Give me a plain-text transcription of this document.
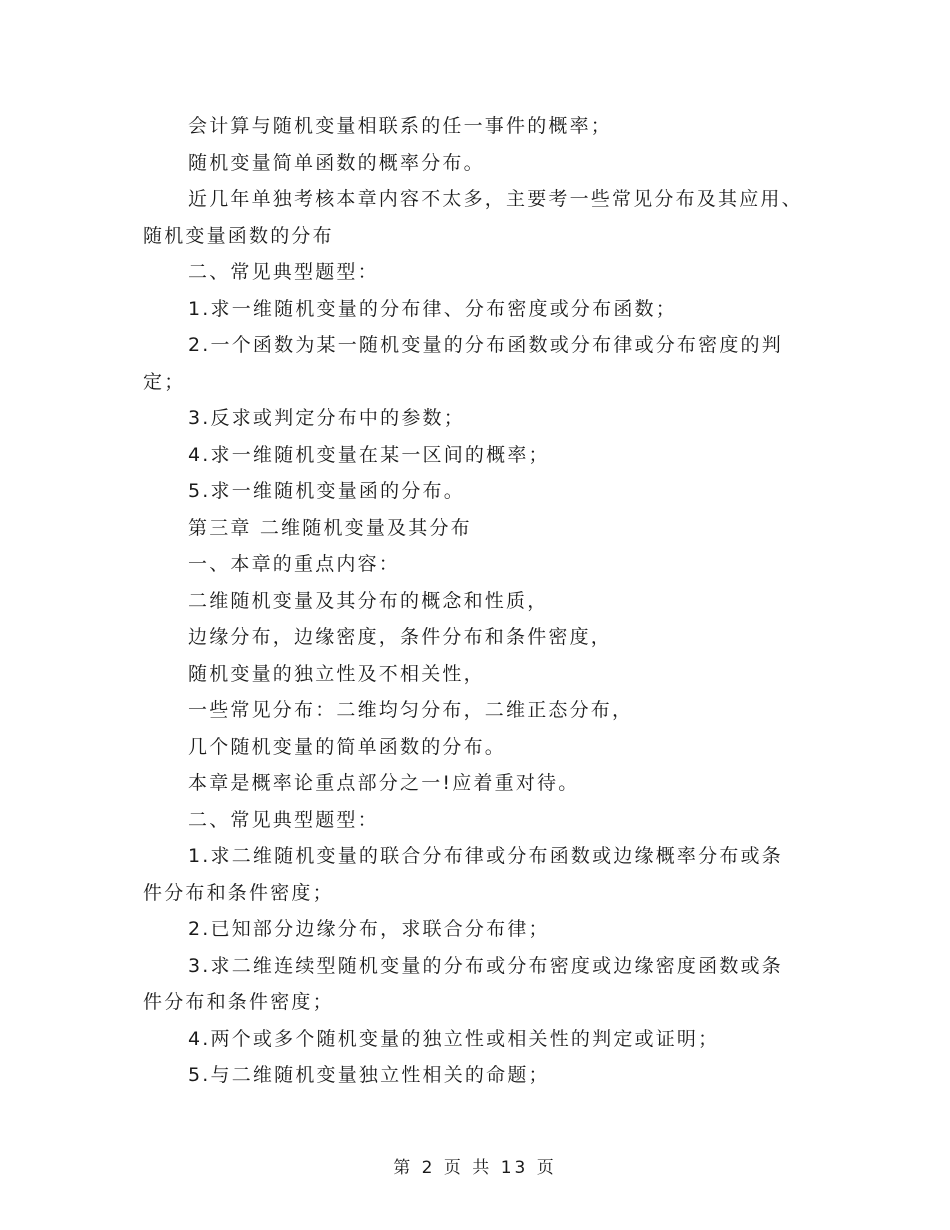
会计算与随机变量相联系的任一事件的概率；

随机变量简单函数的概率分布。

近几年单独考核本章内容不太多，主要考一些常见分布及其应用、

随机变量函数的分布

二、常见典型题型：

1.求一维随机变量的分布律、分布密度或分布函数；

2.一个函数为某一随机变量的分布函数或分布律或分布密度的判

定；

3.反求或判定分布中的参数；

4.求一维随机变量在某一区间的概率；

5.求一维随机变量函的分布。

第三章 二维随机变量及其分布

一、本章的重点内容：

二维随机变量及其分布的概念和性质，

边缘分布，边缘密度，条件分布和条件密度，

随机变量的独立性及不相关性，

一些常见分布：二维均匀分布，二维正态分布，

几个随机变量的简单函数的分布。

本章是概率论重点部分之一!应着重对待。

二、常见典型题型：

1.求二维随机变量的联合分布律或分布函数或边缘概率分布或条

件分布和条件密度；

2.已知部分边缘分布，求联合分布律；

3.求二维连续型随机变量的分布或分布密度或边缘密度函数或条

件分布和条件密度；

4.两个或多个随机变量的独立性或相关性的判定或证明；

5.与二维随机变量独立性相关的命题；

第 2 页 共 13 页
